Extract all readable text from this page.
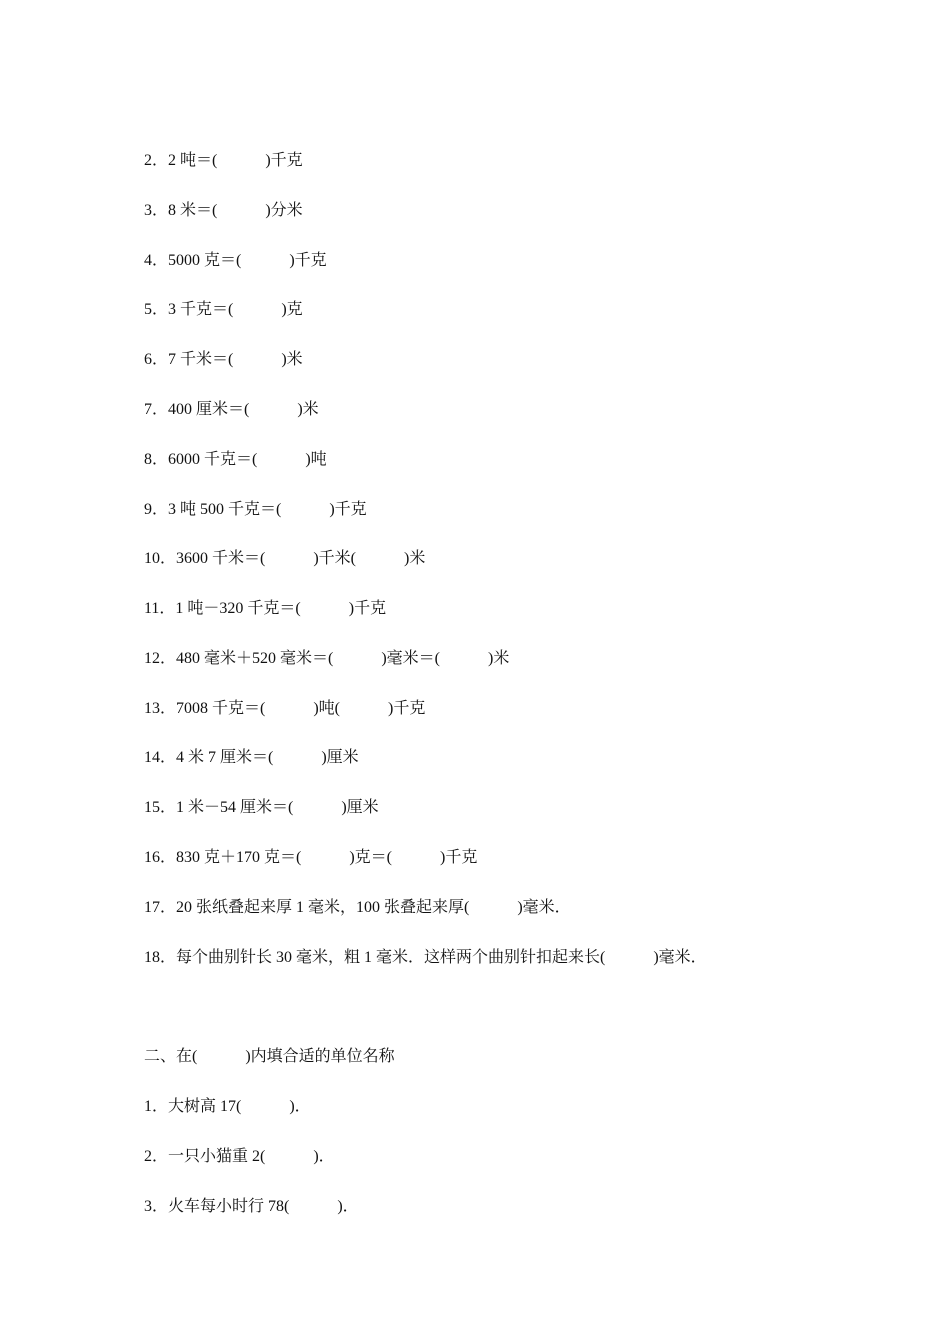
2．2 吨＝(            )千克
3．8 米＝(            )分米
4．5000 克＝(            )千克
5．3 千克＝(            )克
6．7 千米＝(            )米
7．400 厘米＝(            )米
8．6000 千克＝(            )吨
9．3 吨 500 千克＝(            )千克
10．3600 千米＝(            )千米(            )米
11．1 吨－320 千克＝(            )千克
12．480 毫米＋520 毫米＝(            )毫米＝(            )米
13．7008 千克＝(            )吨(            )千克
14．4 米 7 厘米＝(            )厘米
15．1 米－54 厘米＝(            )厘米
16．830 克＋170 克＝(            )克＝(            )千克
17．20 张纸叠起来厚 1 毫米，100 张叠起来厚(            )毫米．
18．每个曲别针长 30 毫米，粗 1 毫米．这样两个曲别针扣起来长(            )毫米．
二、在(            )内填合适的单位名称
1．大树高 17(            )．
2．一只小猫重 2(            )．
3．火车每小时行 78(            )．
